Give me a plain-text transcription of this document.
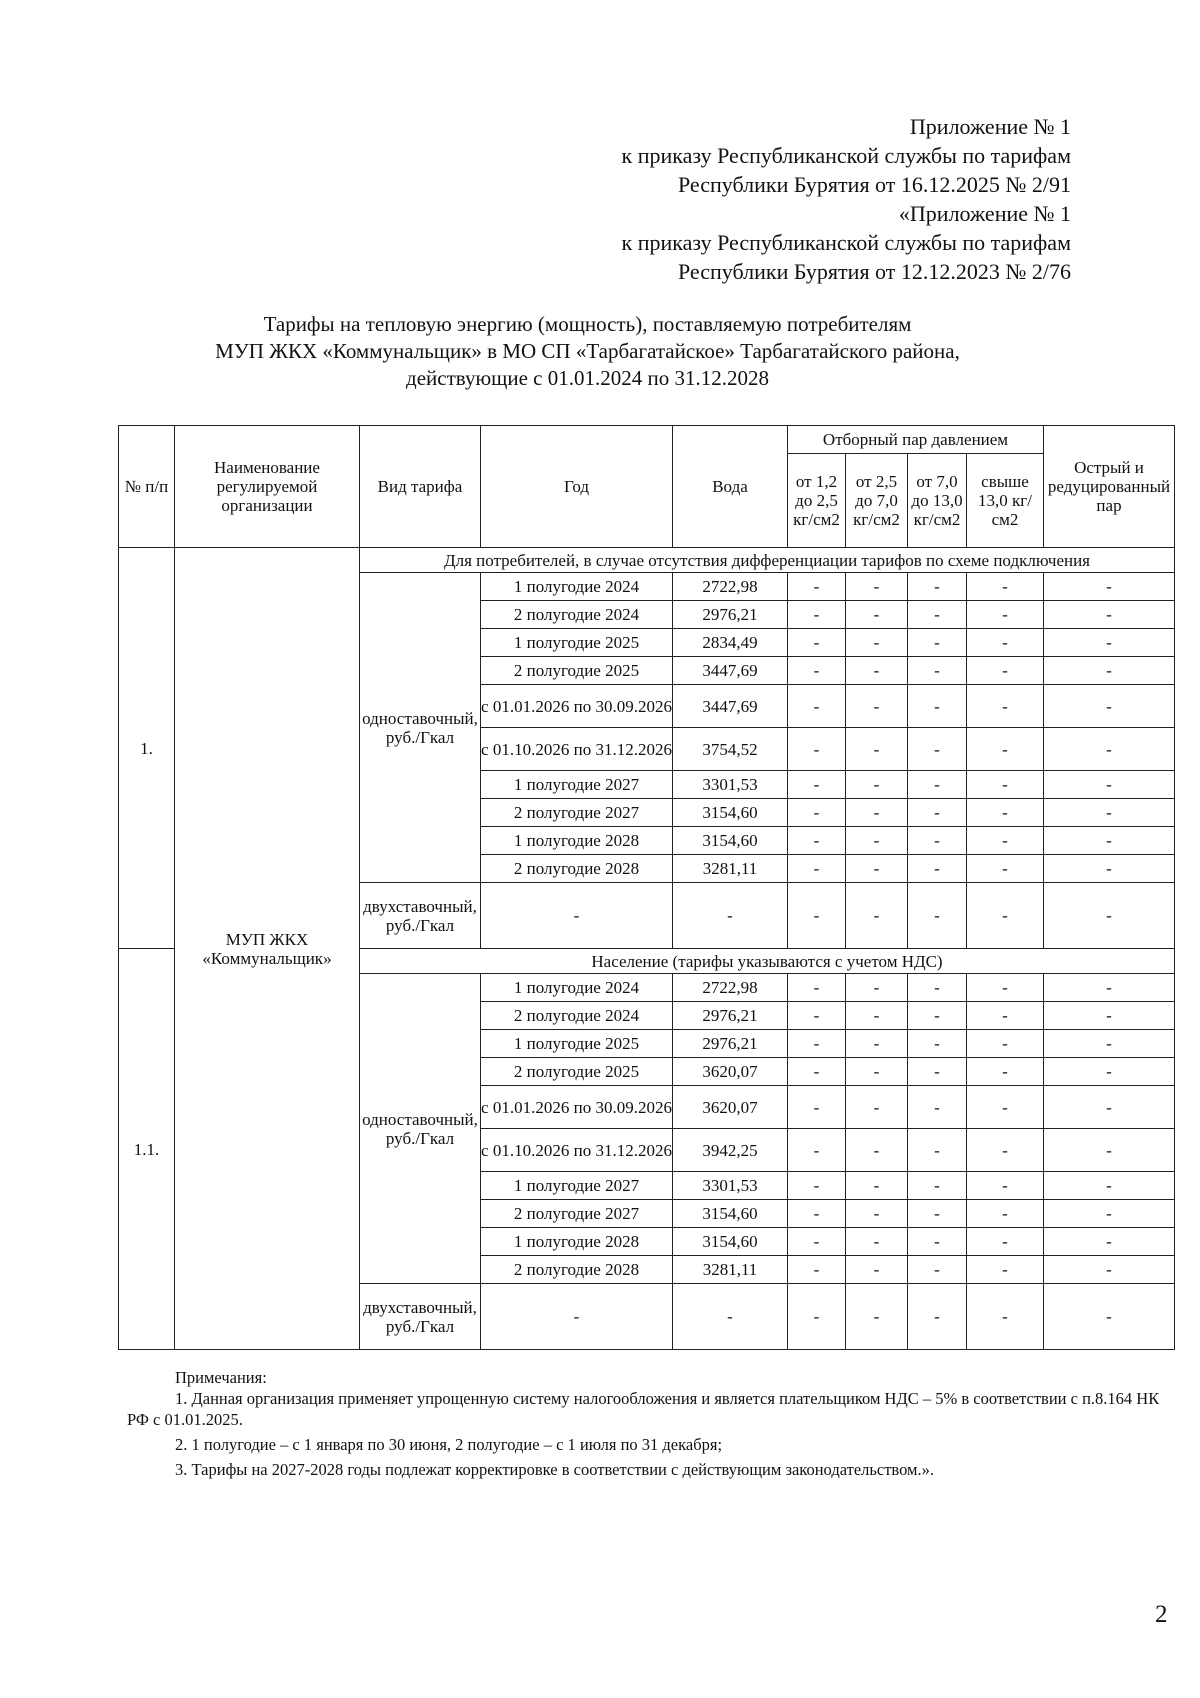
Приложение № 1
к приказу Республиканской службы по тарифам
Республики Бурятия от 16.12.2025 № 2/91
«Приложение № 1
к приказу Республиканской службы по тарифам
Республики Бурятия от 12.12.2023 № 2/76
Тарифы на тепловую энергию (мощность), поставляемую потребителям
МУП ЖКХ «Коммунальщик» в МО СП «Тарбагатайское» Тарбагатайского района,
действующие с 01.01.2024 по 31.12.2028
№ п/п	Наименование регулируемой организации	Вид тарифа	Год	Вода	Отборный пар давлением				Острый и редуцированный пар
					от 1,2 до 2,5 кг/см2	от 2,5 до 7,0 кг/см2	от 7,0 до 13,0 кг/см2	свыше 13,0 кг/см2	
1.	МУП ЖКХ «Коммунальщик»	Для потребителей, в случае отсутствия дифференциации тарифов по схеме подключения							
		одноставочный, руб./Гкал	1 полугодие 2024	2722,98	-	-	-	-	-
			2 полугодие 2024	2976,21	-	-	-	-	-
			1 полугодие 2025	2834,49	-	-	-	-	-
			2 полугодие 2025	3447,69	-	-	-	-	-
			с 01.01.2026 по 30.09.2026	3447,69	-	-	-	-	-
			с 01.10.2026 по 31.12.2026	3754,52	-	-	-	-	-
			1 полугодие 2027	3301,53	-	-	-	-	-
			2 полугодие 2027	3154,60	-	-	-	-	-
			1 полугодие 2028	3154,60	-	-	-	-	-
			2 полугодие 2028	3281,11	-	-	-	-	-
		двухставочный, руб./Гкал	-	-	-	-	-	-	-
1.1.		Население (тарифы указываются с учетом НДС)							
		одноставочный, руб./Гкал	1 полугодие 2024	2722,98	-	-	-	-	-
			2 полугодие 2024	2976,21	-	-	-	-	-
			1 полугодие 2025	2976,21	-	-	-	-	-
			2 полугодие 2025	3620,07	-	-	-	-	-
			с 01.01.2026 по 30.09.2026	3620,07	-	-	-	-	-
			с 01.10.2026 по 31.12.2026	3942,25	-	-	-	-	-
			1 полугодие 2027	3301,53	-	-	-	-	-
			2 полугодие 2027	3154,60	-	-	-	-	-
			1 полугодие 2028	3154,60	-	-	-	-	-
			2 полугодие 2028	3281,11	-	-	-	-	-
		двухставочный, руб./Гкал	-	-	-	-	-	-	-
Примечания:
1. Данная организация применяет упрощенную систему налогообложения и является плательщиком НДС – 5% в соответствии с п.8.164 НК РФ с 01.01.2025.
2. 1 полугодие – с 1 января по 30 июня, 2 полугодие – с 1 июля по 31 декабря;
3. Тарифы на 2027-2028 годы подлежат корректировке в соответствии с действующим законодательством.».
2
